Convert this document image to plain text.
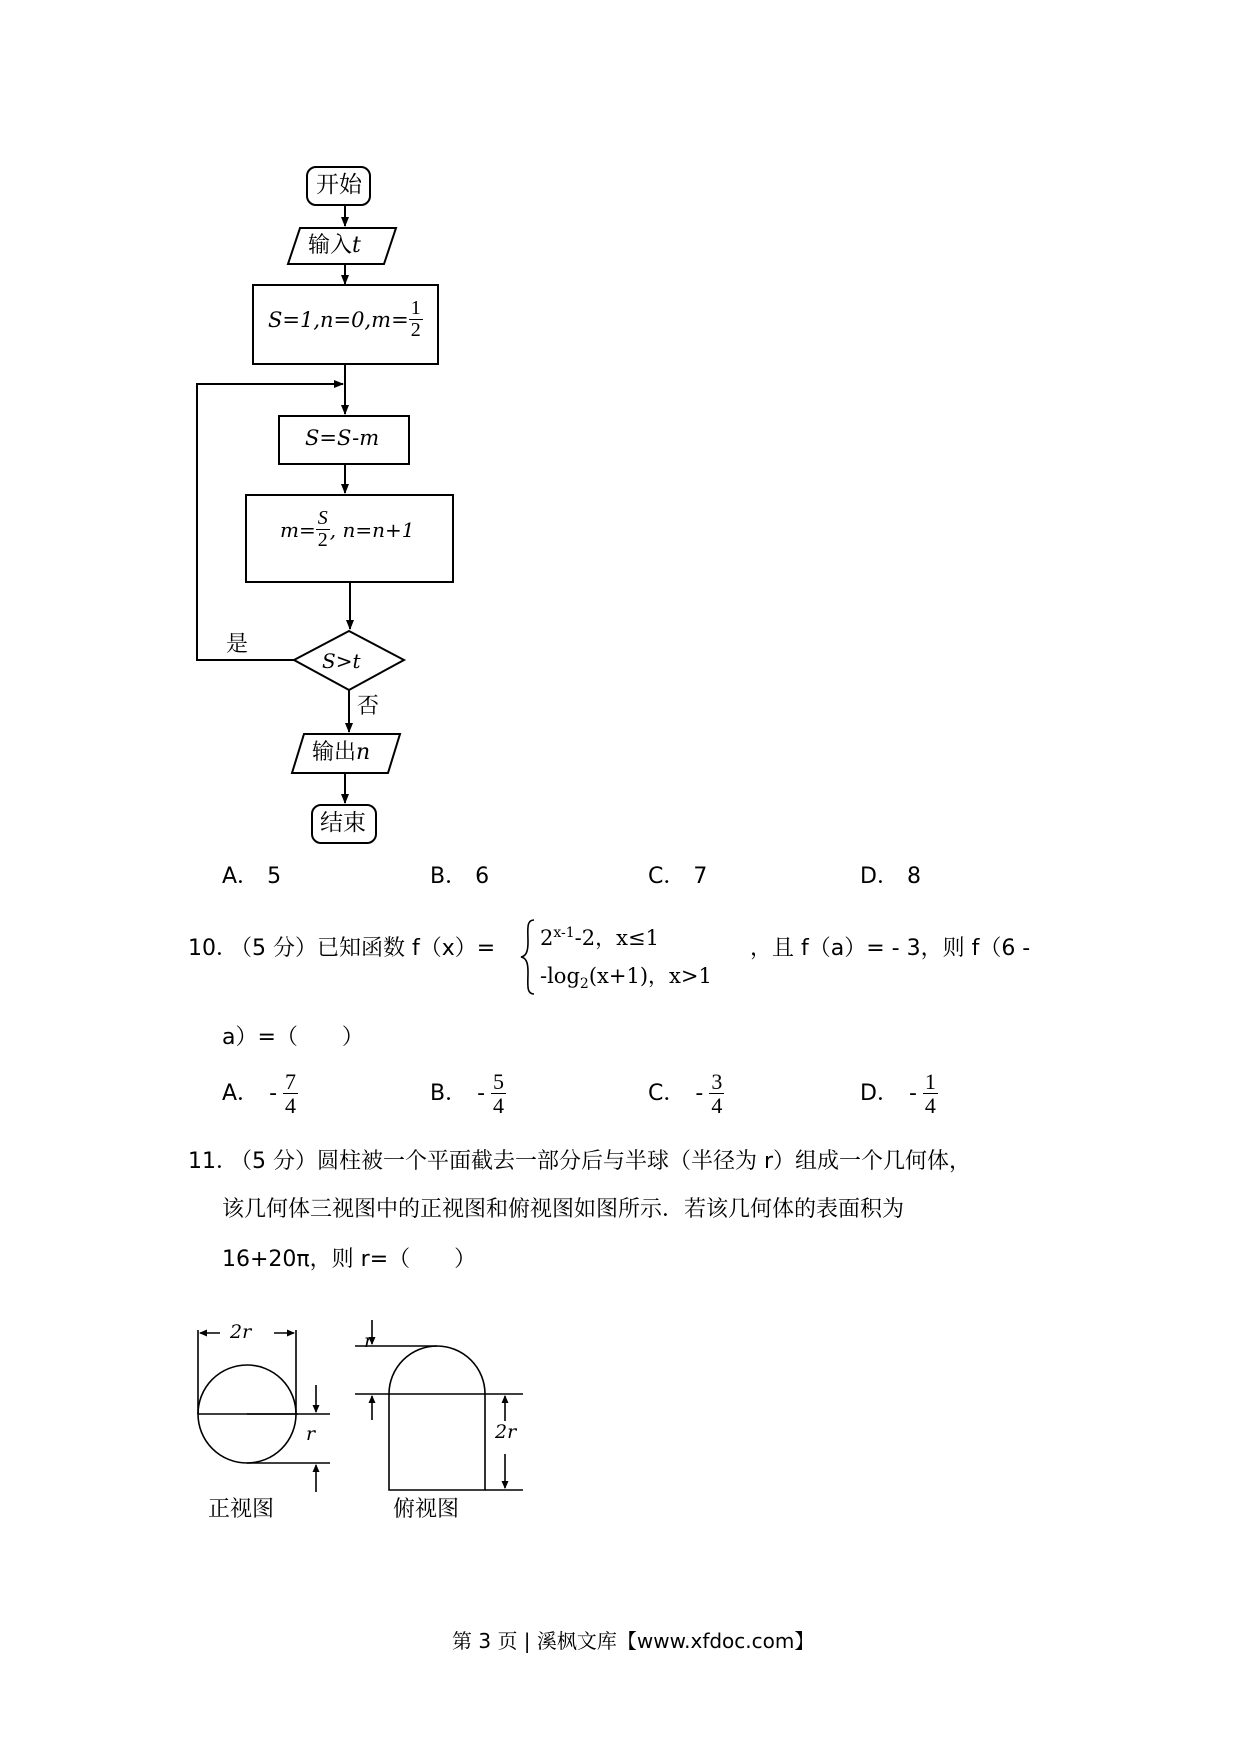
开始
输入t
$S=1,n=0,m= \frac{1}{2}$
S=S-m
$m= \frac{S}{2}$ , n=n+1
S>t
是
否
输出n
结束
A． 5	B． 6	C． 7	D． 8
10．
（5 分）已知函数 $f(x)= 2^{x-1}-2$，x≤1
$-\log_2(x+1)$，x>1
，且 f（a）= - 3，则 f（6 -
a）=（　　）
A． - $\frac{7}{4}$	B． - $\frac{5}{4}$	C． - $\frac{3}{4}$	D． - $\frac{1}{4}$
11．
（5 分）圆柱被一个平面截去一部分后与半球（半径为 r）组成一个几何体，
该几何体三视图中的正视图和俯视图如图所示．若该几何体的表面积为
16+20π，则 r=（　　）
2r
r
r
2r
正视图	俯视图
第 3 页 | 溪枫文库【www.xfdoc.com】
